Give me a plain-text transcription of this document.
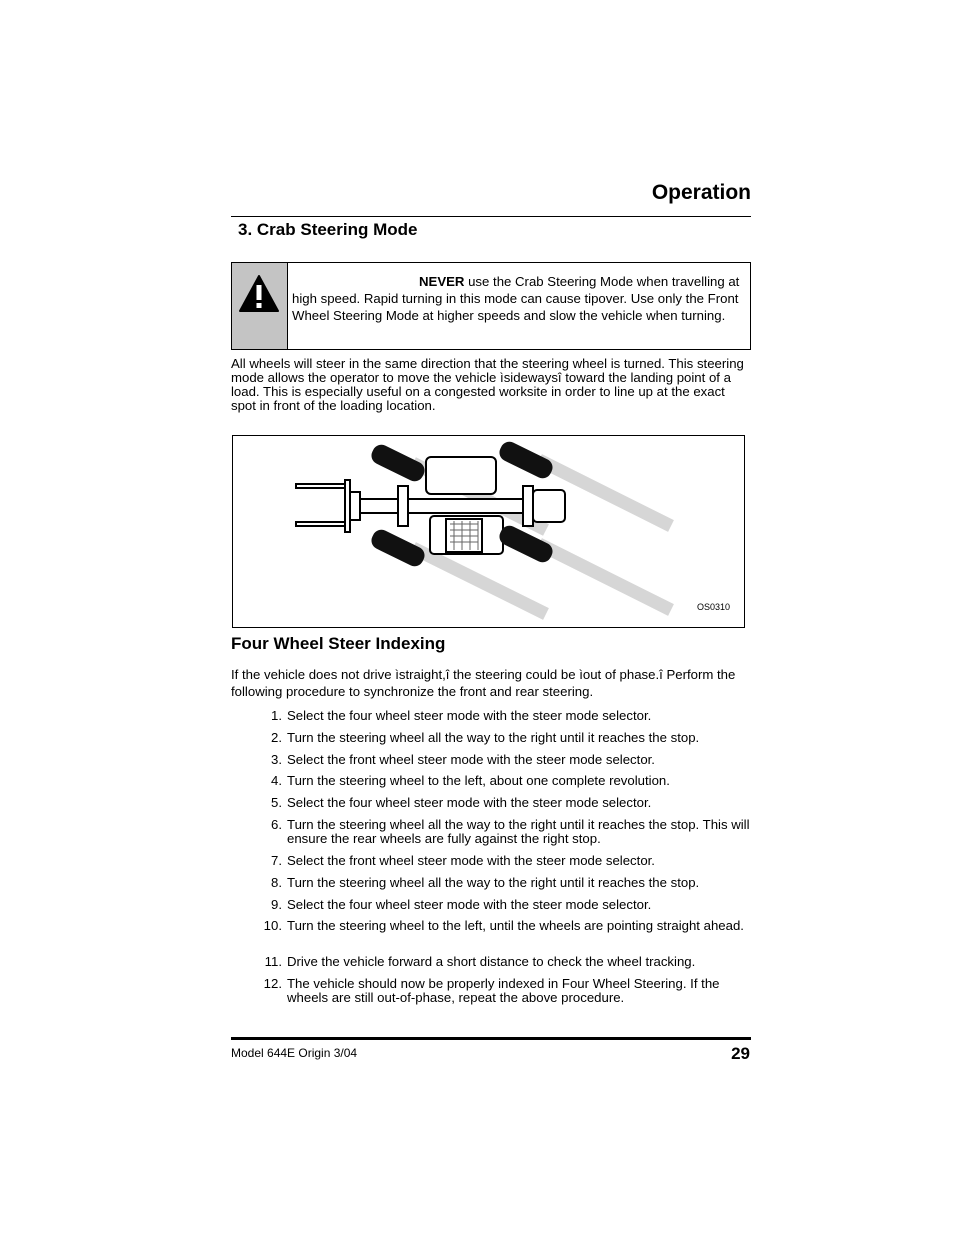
Operation
3. Crab Steering Mode
NEVER use the Crab Steering Mode when travelling at high speed. Rapid turning in this mode can cause tipover. Use only the Front Wheel Steering Mode at higher speeds and slow the vehicle when turning.
All wheels will steer in the same direction that the steering wheel is turned. This steering mode allows the operator to move the vehicle ìsidewaysî toward the landing point of a load. This is especially useful on a congested worksite in order to line up at the exact spot in front of the loading location.
OS0310
Four Wheel Steer Indexing
If the vehicle does not drive ìstraight,î the steering could be ìout of phase.î Perform the following procedure to synchronize the front and rear steering.
1. Select the four wheel steer mode with the steer mode selector.
2. Turn the steering wheel all the way to the right until it reaches the stop.
3. Select the front wheel steer mode with the steer mode selector.
4. Turn the steering wheel to the left, about one complete revolution.
5. Select the four wheel steer mode with the steer mode selector.
6. Turn the steering wheel all the way to the right until it reaches the stop. This will ensure the rear wheels are fully against the right stop.
7. Select the front wheel steer mode with the steer mode selector.
8. Turn the steering wheel all the way to the right until it reaches the stop.
9. Select the four wheel steer mode with the steer mode selector.
10. Turn the steering wheel to the left, until the wheels are pointing straight ahead.
11. Drive the vehicle forward a short distance to check the wheel tracking.
12. The vehicle should now be properly indexed in Four Wheel Steering. If the wheels are still out-of-phase, repeat the above procedure.
Model 644E Origin 3/04	29
